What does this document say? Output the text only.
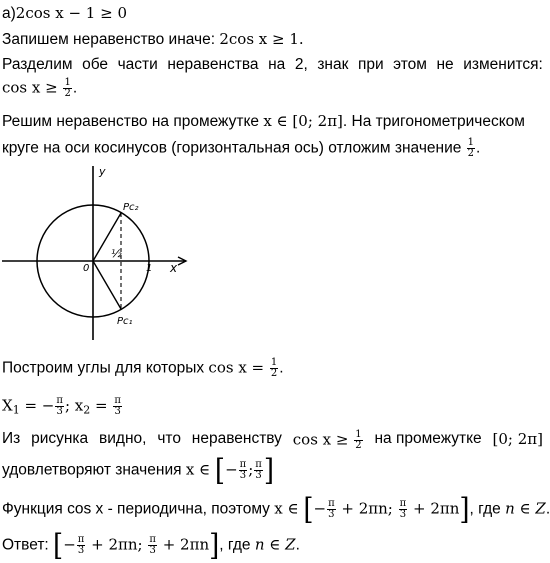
а)2cos x − 1 ≥ 0
Запишем неравенство иначе: 2cos x ≥ 1.
Разделим обе части неравенства на 2, знак при этом не изменится:
$\cos x \ge \frac{1}{2}$ .
Решим неравенство на промежутке x ∈ [0; 2π]. На тригонометрическом
круге на оси косинусов (горизонтальная ось) отложим значение $\frac{1}{2}$ .
y
x
0	1
½
Pc₂
Pc₁
Построим углы для которых $\cos x = \frac{1}{2}$ .
$X_1$ = − $\frac{\pi}{3}$ ; $x_2 = \frac{\pi}{3}$
Из рисунка видно, что неравенству $\cos x \ge \frac{1}{2}$ на промежутке [0; 2π]
удовлетворяют значения x ∈ [− $\frac{\pi}{3}$ ; $\frac{\pi}{3}$ ]
Функция cos x - периодична, поэтому x ∈ [− $\frac{\pi}{3} + 2\pi n$; $\frac{\pi}{3} + 2\pi n$], где n ∈ Z.
Ответ: [− $\frac{\pi}{3} + 2\pi n$; $\frac{\pi}{3} + 2\pi n$], где n ∈ Z.
